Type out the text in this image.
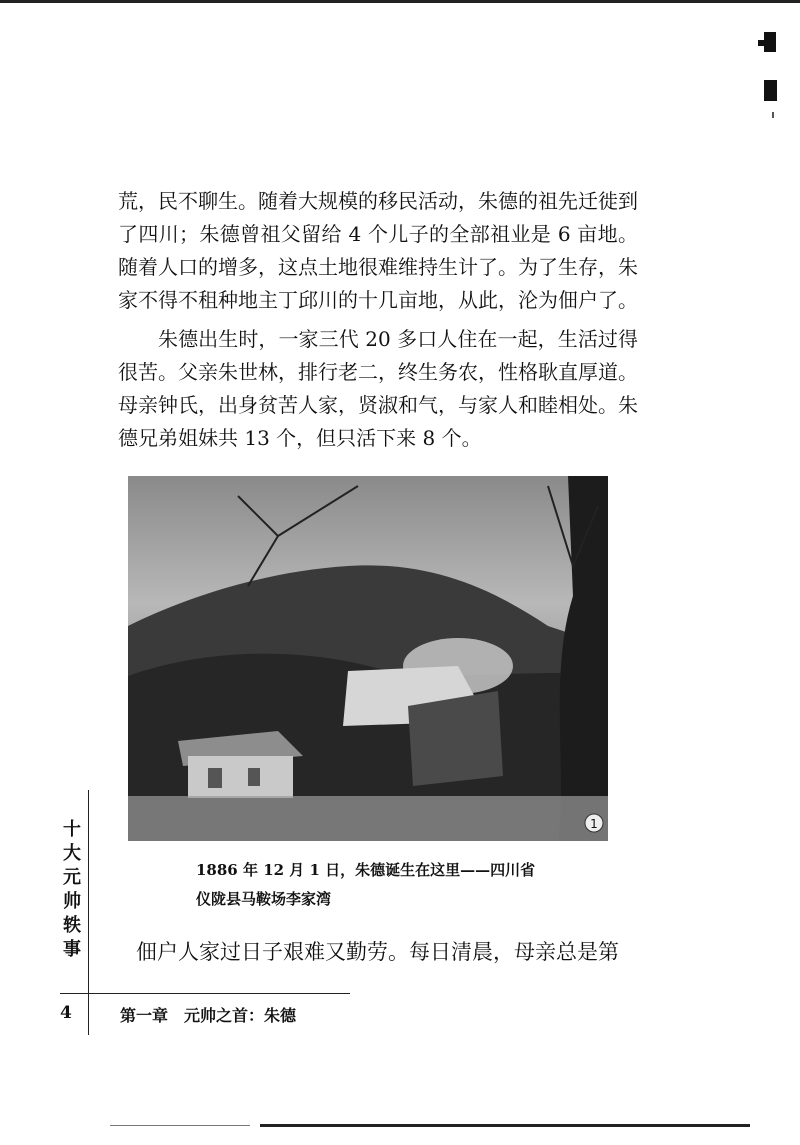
荒，民不聊生。随着大规模的移民活动，朱德的祖先迁徙到了四川；朱德曾祖父留给 4 个儿子的全部祖业是 6 亩地。随着人口的增多，这点土地很难维持生计了。为了生存，朱家不得不租种地主丁邱川的十几亩地，从此，沦为佃户了。

朱德出生时，一家三代 20 多口人住在一起，生活过得很苦。父亲朱世林，排行老二，终生务农，性格耿直厚道。母亲钟氏，出身贫苦人家，贤淑和气，与家人和睦相处。朱德兄弟姐妹共 13 个，但只活下来 8 个。

1
1886 年 12 月 1 日，朱德诞生在这里——四川省
仪陇县马鞍场李家湾
十
大
元
帅
轶
事	佃户人家过日子艰难又勤劳。每日清晨，母亲总是第
4	第一章　元帅之首：朱德
